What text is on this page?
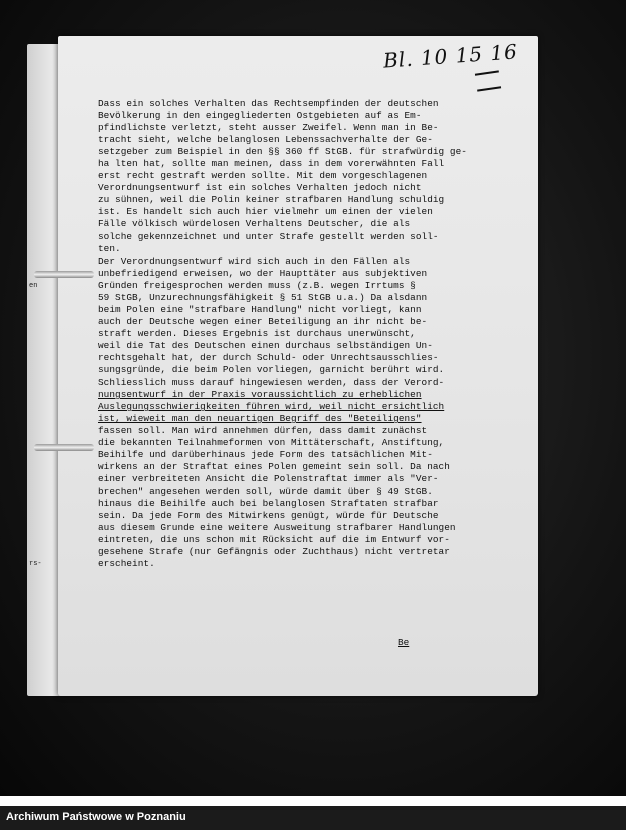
en
rs-
Bl. 10 15 16
Dass ein solches Verhalten das Rechtsempfinden der deutschen
Bevölkerung in den eingegliederten Ostgebieten auf as Em-
pfindlichste verletzt, steht ausser Zweifel. Wenn man in Be-
tracht sieht, welche belanglosen Lebenssachverhalte der Ge-
setzgeber zum Beispiel in den §§ 360 ff StGB. für strafwürdig ge-
ha lten hat, sollte man meinen, dass in dem vorerwähnten Fall
erst recht gestraft werden sollte. Mit dem vorgeschlagenen
Verordnungsentwurf ist ein solches Verhalten jedoch nicht
zu sühnen, weil die Polin keiner strafbaren Handlung schuldig
ist. Es handelt sich auch hier vielmehr um einen der vielen
Fälle völkisch würdelosen Verhaltens Deutscher, die als
solche gekennzeichnet und unter Strafe gestellt werden soll-
ten.
Der Verordnungsentwurf wird sich auch in den Fällen als
unbefriedigend erweisen, wo der Haupttäter aus subjektiven
Gründen freigesprochen werden muss (z.B. wegen Irrtums §
59 StGB, Unzurechnungsfähigkeit § 51 StGB u.a.) Da alsdann
beim Polen eine "strafbare Handlung" nicht vorliegt, kann
auch der Deutsche wegen einer Beteiligung an ihr nicht be-
straft werden. Dieses Ergebnis ist durchaus unerwünscht,
weil die Tat des Deutschen einen durchaus selbständigen Un-
rechtsgehalt hat, der durch Schuld- oder Unrechtsausschlies-
sungsgründe, die beim Polen vorliegen, garnicht berührt wird.
Schliesslich muss darauf hingewiesen werden, dass der Verord-
nungsentwurf in der Praxis voraussichtlich zu erheblichen
Auslegungsschwierigkeiten führen wird, weil nicht ersichtlich
ist, wieweit man den neuartigen Begriff des "Beteiligens"
fassen soll. Man wird annehmen dürfen, dass damit zunächst
die bekannten Teilnahmeformen von Mittäterschaft, Anstiftung,
Beihilfe und darüberhinaus jede Form des tatsächlichen Mit-
wirkens an der Straftat eines Polen gemeint sein soll. Da nach
einer verbreiteten Ansicht die Polenstraftat immer als "Ver-
brechen" angesehen werden soll, würde damit über § 49 StGB.
hinaus die Beihilfe auch bei belanglosen Straftaten strafbar
sein. Da jede Form des Mitwirkens genügt, würde für Deutsche
aus diesem Grunde eine weitere Ausweitung strafbarer Handlungen
eintreten, die uns schon mit Rücksicht auf die im Entwurf vor-
gesehene Strafe (nur Gefängnis oder Zuchthaus) nicht vertretar
erscheint.
Be
Archiwum Państwowe w Poznaniu
